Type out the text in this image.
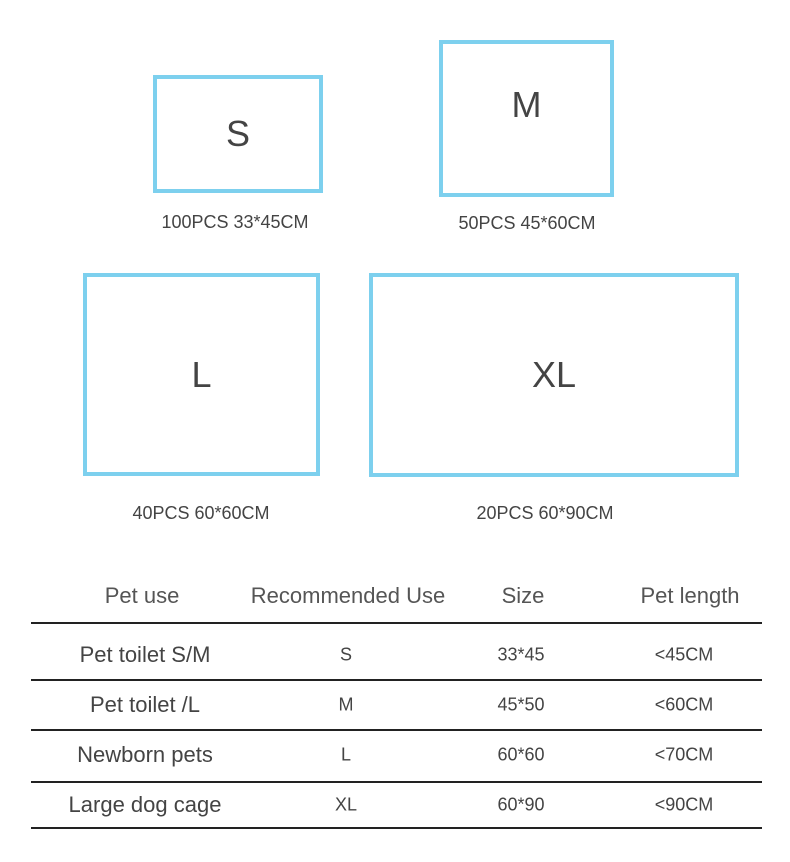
S
100PCS 33*45CM
M
50PCS 45*60CM
L
40PCS 60*60CM
XL
20PCS 60*90CM
Pet use	Recommended Use	Size	Pet length
Pet toilet S/M	S	33*45	<45CM
Pet toilet /L	M	45*50	<60CM
Newborn pets	L	60*60	<70CM
Large dog cage	XL	60*90	<90CM
